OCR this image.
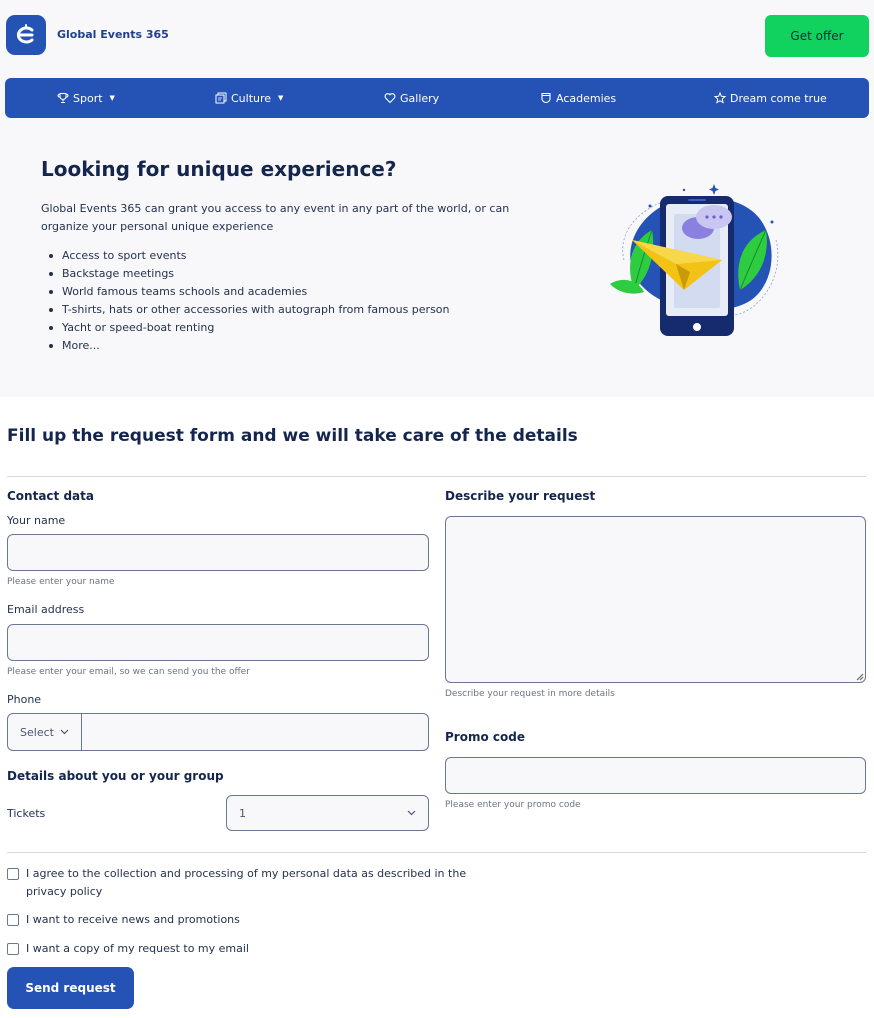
Global Events 365	Get offer
Sport ▼	Culture ▼	Gallery	Academies	Dream come true
Looking for unique experience?

Global Events 365 can grant you access to any event in any part of the world, or can organize your personal unique experience

Access to sport events
Backstage meetings
World famous teams schools and academies
T-shirts, hats or other accessories with autograph from famous person
Yacht or speed-boat renting
More...
Fill up the request form and we will take care of the details
Contact data
Your name
Please enter your name
Email address
Please enter your email, so we can send you the offer
Phone
Select
Details about you or your group
Tickets	1
Describe your request
Describe your request in more details
Promo code
Please enter your promo code
I agree to the collection and processing of my personal data as described in the
privacy policy
I want to receive news and promotions
I want a copy of my request to my email
Send request
